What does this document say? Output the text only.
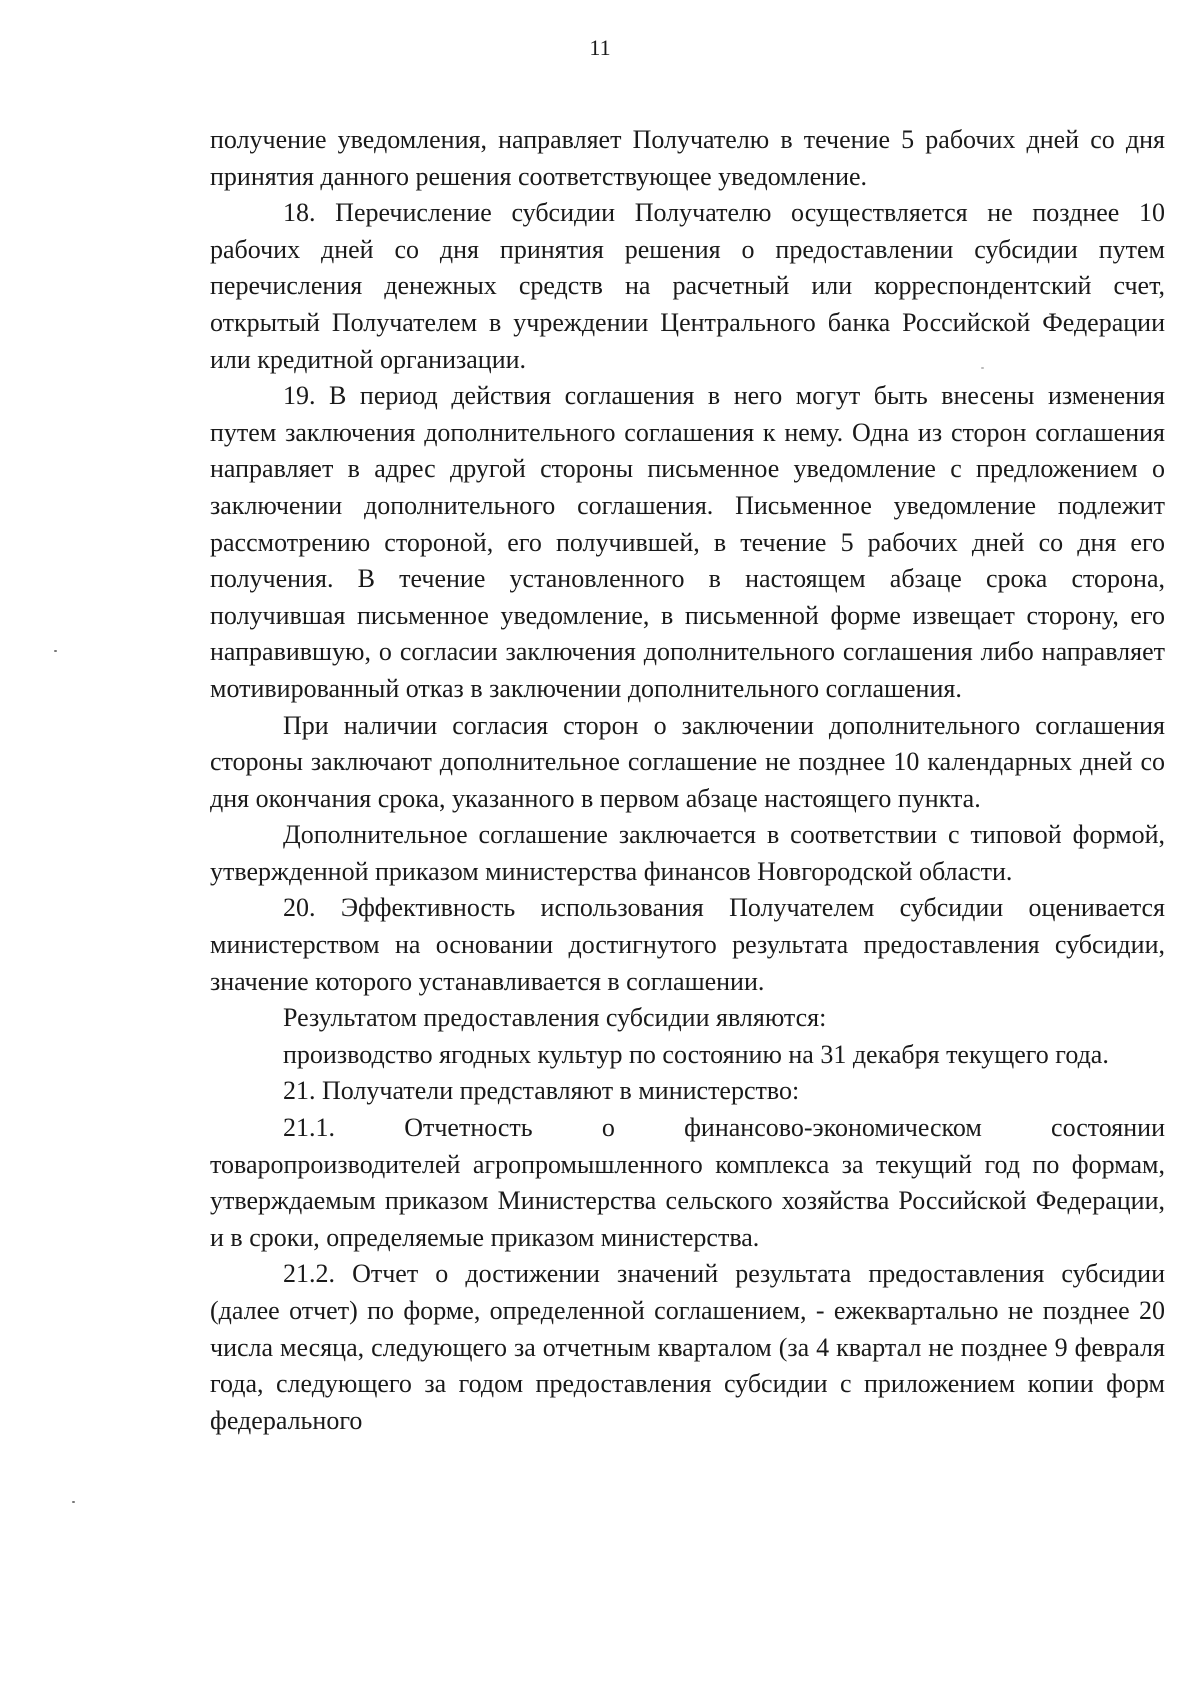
11

получение уведомления, направляет Получателю в течение 5 рабочих дней со дня принятия данного решения соответствующее уведомление.

18. Перечисление субсидии Получателю осуществляется не позднее 10 рабочих дней со дня принятия решения о предоставлении субсидии путем перечисления денежных средств на расчетный или корреспондентский счет, открытый Получателем в учреждении Центрального банка Российской Федерации или кредитной организации.

19. В период действия соглашения в него могут быть внесены изменения путем заключения дополнительного соглашения к нему. Одна из сторон соглашения направляет в адрес другой стороны письменное уведомление с предложением о заключении дополнительного соглашения. Письменное уведомление подлежит рассмотрению стороной, его получившей, в течение 5 рабочих дней со дня его получения. В течение установленного в настоящем абзаце срока сторона, получившая письменное уведомление, в письменной форме извещает сторону, его направившую, о согласии заключения дополнительного соглашения либо направляет мотивированный отказ в заключении дополнительного соглашения.

При наличии согласия сторон о заключении дополнительного соглашения стороны заключают дополнительное соглашение не позднее 10 календарных дней со дня окончания срока, указанного в первом абзаце настоящего пункта.

Дополнительное соглашение заключается в соответствии с типовой формой, утвержденной приказом министерства финансов Новгородской области.

20. Эффективность использования Получателем субсидии оценивается министерством на основании достигнутого результата предоставления субсидии, значение которого устанавливается в соглашении.

Результатом предоставления субсидии являются:

производство ягодных культур по состоянию на 31 декабря текущего года.

21. Получатели представляют в министерство:

21.1. Отчетность о финансово-экономическом состоянии товаропроизводителей агропромышленного комплекса за текущий год по формам, утверждаемым приказом Министерства сельского хозяйства Российской Федерации, и в сроки, определяемые приказом министерства.

21.2. Отчет о достижении значений результата предоставления субсидии (далее отчет) по форме, определенной соглашением, - ежеквартально не позднее 20 числа месяца, следующего за отчетным кварталом (за 4 квартал не позднее 9 февраля года, следующего за годом предоставления субсидии с приложением копии форм федерального
